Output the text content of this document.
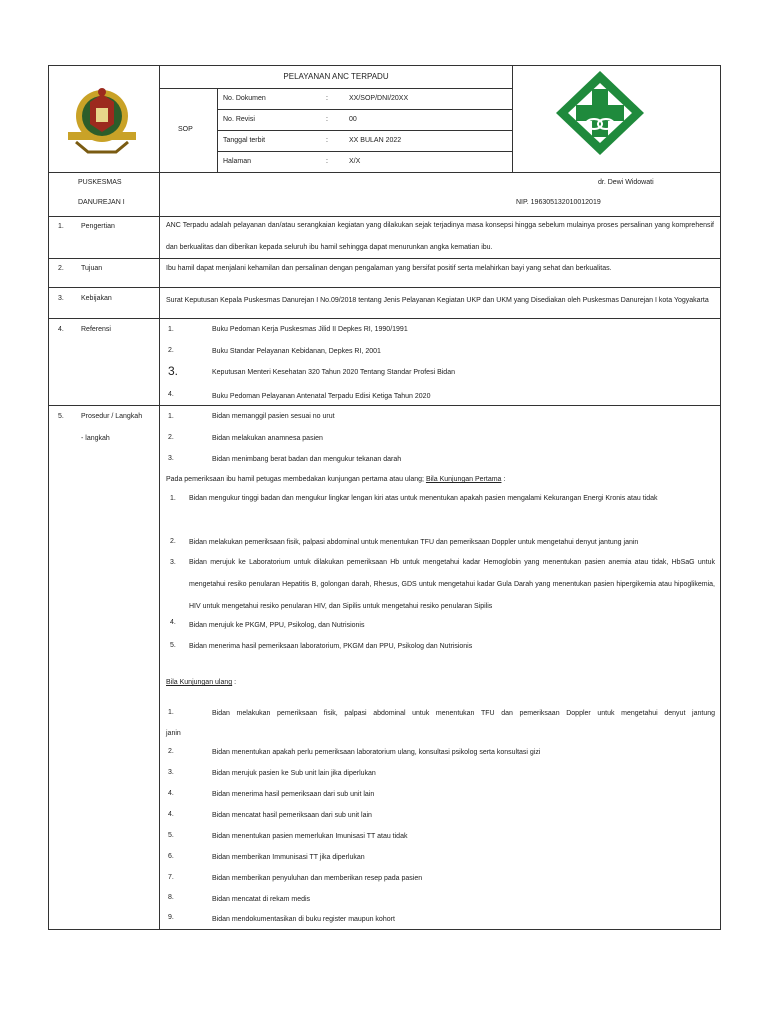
PELAYANAN ANC TERPADU
SOP
No. Dokumen	:	XX/SOP/DNI/20XX
No. Revisi	:	00
Tanggal terbit	:	XX BULAN 2022
Halaman	:	X/X
PUSKESMAS
DANUREJAN I
dr. Dewi Widowati
NIP. 196305132010012019
1. Pengertian	ANC Terpadu adalah pelayanan dan/atau serangkaian kegiatan yang dilakukan sejak terjadinya masa konsepsi hingga sebelum mulainya proses persalinan yang komprehensif dan berkualitas dan diberikan kepada seluruh ibu hamil sehingga dapat menurunkan angka kematian ibu.
2. Tujuan	Ibu hamil dapat menjalani kehamilan dan persalinan dengan pengalaman yang bersifat positif serta melahirkan bayi yang sehat dan berkualitas.
3. Kebijakan	Surat Keputusan Kepala Puskesmas Danurejan I No.09/2018 tentang Jenis Pelayanan Kegiatan UKP dan UKM yang Disediakan oleh Puskesmas Danurejan I kota Yogyakarta
4. Referensi	1.	Buku Pedoman Kerja Puskesmas Jilid II Depkes RI, 1990/1991
2.	Buku Standar Pelayanan Kebidanan, Depkes RI, 2001
3.	Keputusan Menteri Kesehatan 320 Tahun 2020 Tentang Standar Profesi Bidan
4.	Buku Pedoman Pelayanan Antenatal Terpadu Edisi Ketiga Tahun 2020
5. Prosedur / Langkah
- langkah
1.	Bidan memanggil pasien sesuai no urut
2.	Bidan melakukan anamnesa pasien
3.	Bidan menimbang berat badan dan mengukur tekanan darah
Pada pemeriksaan ibu hamil petugas membedakan kunjungan pertama atau ulang; Bila Kunjungan Pertama :
1. Bidan mengukur tinggi badan dan mengukur lingkar lengan kiri atas untuk menentukan apakah pasien mengalami Kekurangan Energi Kronis atau tidak
2. Bidan melakukan pemeriksaan fisik, palpasi abdominal untuk menentukan TFU dan pemeriksaan Doppler untuk mengetahui denyut jantung janin
3. Bidan merujuk ke Laboratorium untuk dilakukan pemeriksaan Hb untuk mengetahui kadar Hemoglobin yang menentukan pasien anemia atau tidak, HbSaG untuk mengetahui resiko penularan Hepatitis B, golongan darah, Rhesus, GDS untuk mengetahui kadar Gula Darah yang menentukan pasien hipergikemia atau hipoglikemia, HIV untuk mengetahui resiko penularan HIV, dan Sipilis untuk mengetahui resiko penularan Sipilis
4. Bidan merujuk ke PKGM, PPU, Psikolog, dan Nutrisionis
5. Bidan menerima hasil pemeriksaan laboratorium, PKGM dan PPU, Psikolog dan Nutrisionis
Bila Kunjungan ulang :
1.	Bidan melakukan pemeriksaan fisik, palpasi abdominal untuk menentukan TFU dan pemeriksaan Doppler untuk mengetahui denyut jantung
janin
2.	Bidan menentukan apakah perlu pemeriksaan laboratorium ulang, konsultasi psikolog serta konsultasi gizi
3.	Bidan merujuk pasien ke Sub unit lain jika diperlukan
4.	Bidan menerima hasil pemeriksaan dari sub unit lain
4.	Bidan mencatat hasil pemeriksaan dari sub unit lain
5.	Bidan menentukan pasien memerlukan Imunisasi TT atau tidak
6.	Bidan memberikan Immunisasi TT jika diperlukan
7.	Bidan memberikan penyuluhan dan memberikan resep pada pasien
8.	Bidan mencatat di rekam medis
9.	Bidan mendokumentasikan di buku register maupun kohort
